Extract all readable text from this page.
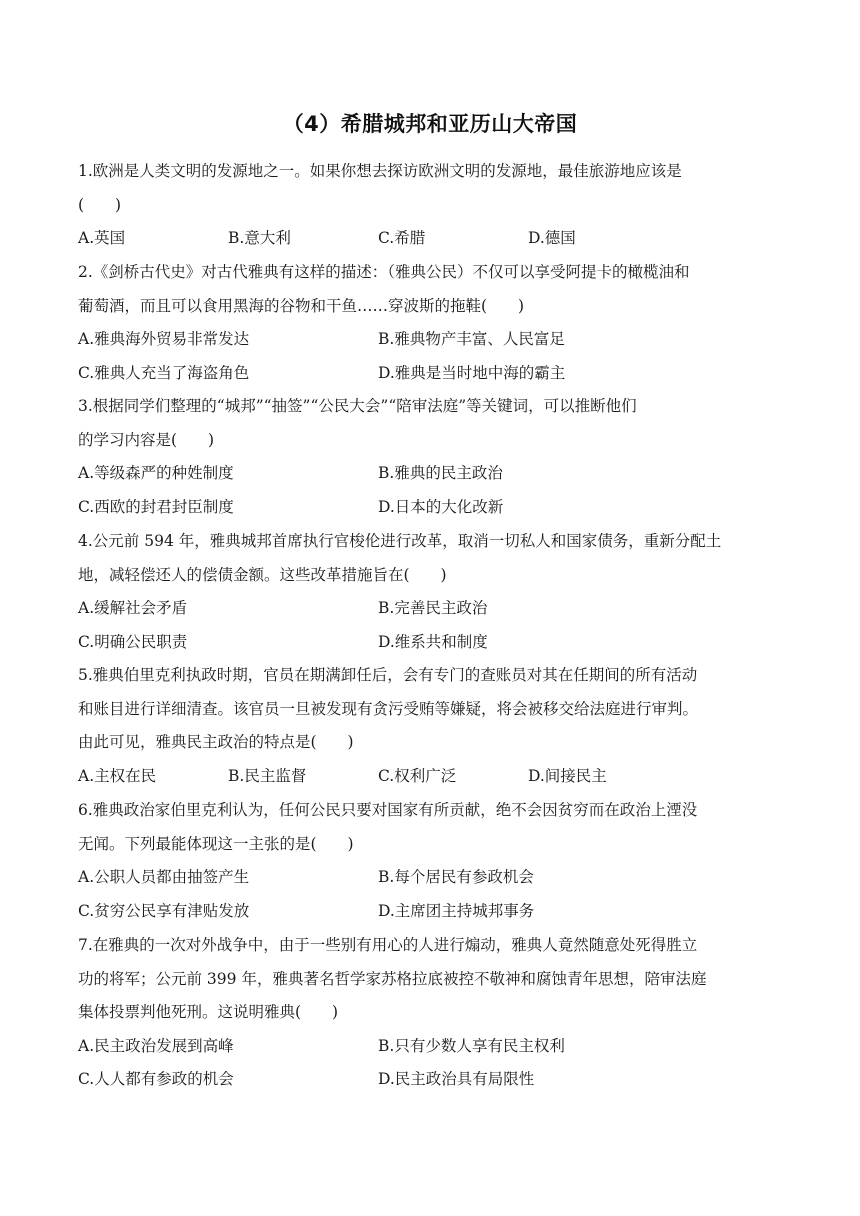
（4）希腊城邦和亚历山大帝国
1.欧洲是人类文明的发源地之一。如果你想去探访欧洲文明的发源地，最佳旅游地应该是
(　　)
A.英国	B.意大利	C.希腊	D.德国
2.《剑桥古代史》对古代雅典有这样的描述：（雅典公民）不仅可以享受阿提卡的橄榄油和
葡萄酒，而且可以食用黑海的谷物和干鱼……穿波斯的拖鞋(　　)
A.雅典海外贸易非常发达	B.雅典物产丰富、人民富足
C.雅典人充当了海盗角色	D.雅典是当时地中海的霸主
3.根据同学们整理的“城邦”“抽签”“公民大会”“陪审法庭”等关键词，可以推断他们
的学习内容是(　　)
A.等级森严的种姓制度	B.雅典的民主政治
C.西欧的封君封臣制度	D.日本的大化改新
4.公元前 594 年，雅典城邦首席执行官梭伦进行改革，取消一切私人和国家债务，重新分配土
地，减轻偿还人的偿债金额。这些改革措施旨在(　　)
A.缓解社会矛盾	B.完善民主政治
C.明确公民职责	D.维系共和制度
5.雅典伯里克利执政时期，官员在期满卸任后，会有专门的查账员对其在任期间的所有活动
和账目进行详细清查。该官员一旦被发现有贪污受贿等嫌疑，将会被移交给法庭进行审判。
由此可见，雅典民主政治的特点是(　　)
A.主权在民	B.民主监督	C.权利广泛	D.间接民主
6.雅典政治家伯里克利认为，任何公民只要对国家有所贡献，绝不会因贫穷而在政治上湮没
无闻。下列最能体现这一主张的是(　　)
A.公职人员都由抽签产生	B.每个居民有参政机会
C.贫穷公民享有津贴发放	D.主席团主持城邦事务
7.在雅典的一次对外战争中，由于一些别有用心的人进行煽动，雅典人竟然随意处死得胜立
功的将军；公元前 399 年，雅典著名哲学家苏格拉底被控不敬神和腐蚀青年思想，陪审法庭
集体投票判他死刑。这说明雅典(　　)
A.民主政治发展到高峰	B.只有少数人享有民主权利
C.人人都有参政的机会	D.民主政治具有局限性
